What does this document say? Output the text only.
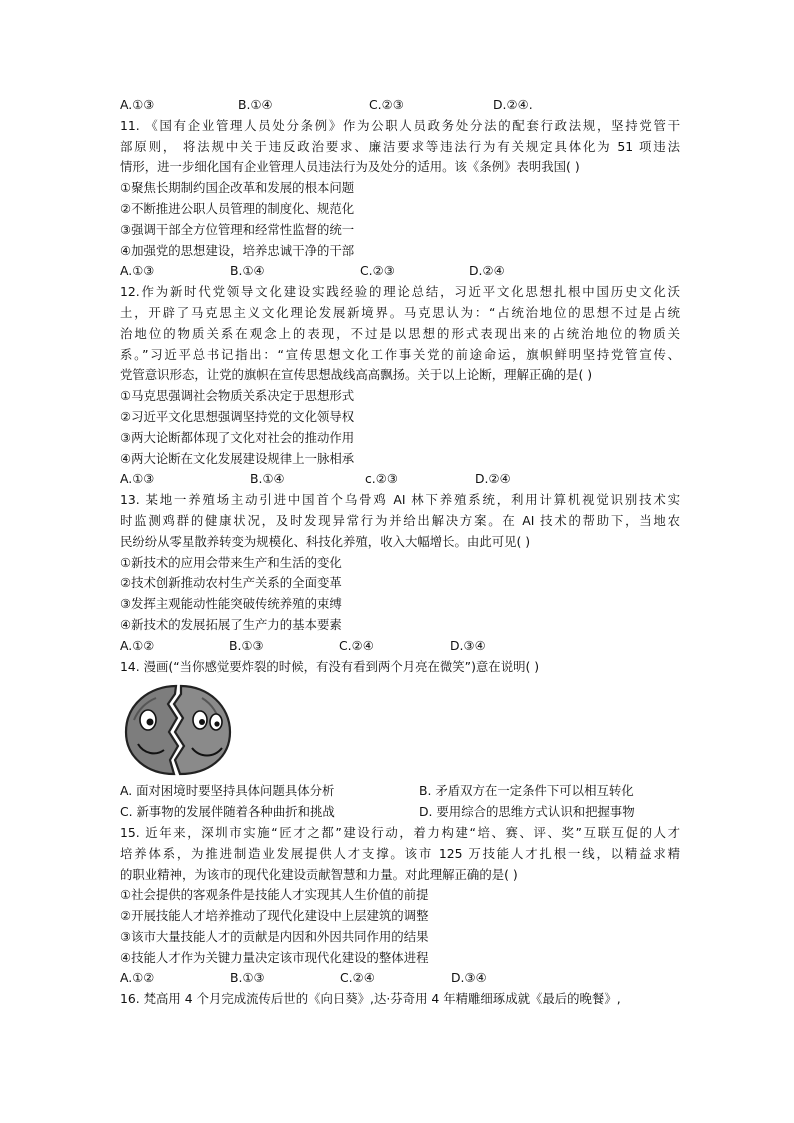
A.①③	B.①④	C.②③	D.②④.
11. 《国有企业管理人员处分条例》作为公职人员政务处分法的配套行政法规，坚持党管干
部原则， 将法规中关于违反政治要求、廉洁要求等违法行为有关规定具体化为 51 项违法
情形，进一步细化国有企业管理人员违法行为及处分的适用。该《条例》表明我国( )
①聚焦长期制约国企改革和发展的根本问题
②不断推进公职人员管理的制度化、规范化
③强调干部全方位管理和经常性监督的统一
④加强党的思想建设，培养忠诚干净的干部
A.①③	B.①④	C.②③	D.②④
12.作为新时代党领导文化建设实践经验的理论总结，习近平文化思想扎根中国历史文化沃
土，开辟了马克思主义文化理论发展新境界。马克思认为：“占统治地位的思想不过是占统
治地位的物质关系在观念上的表现，不过是以思想的形式表现出来的占统治地位的物质关
系。”习近平总书记指出：“宣传思想文化工作事关党的前途命运，旗帜鲜明坚持党管宣传、
党管意识形态，让党的旗帜在宣传思想战线高高飘扬。关于以上论断，理解正确的是( )
①马克思强调社会物质关系决定于思想形式
②习近平文化思想强调坚持党的文化领导权
③两大论断都体现了文化对社会的推动作用
④两大论断在文化发展建设规律上一脉相承
A.①③	B.①④	c.②③	D.②④
13. 某地一养殖场主动引进中国首个乌骨鸡 AI 林下养殖系统，利用计算机视觉识别技术实
时监测鸡群的健康状况，及时发现异常行为并给出解决方案。在 AI 技术的帮助下，当地农
民纷纷从零星散养转变为规模化、科技化养殖，收入大幅增长。由此可见( )
①新技术的应用会带来生产和生活的变化
②技术创新推动农村生产关系的全面变革
③发挥主观能动性能突破传统养殖的束缚
④新技术的发展拓展了生产力的基本要素
A.①②	B.①③	C.②④	D.③④
14. 漫画(“当你感觉要炸裂的时候，有没有看到两个月亮在微笑”)意在说明( )
A. 面对困境时要坚持具体问题具体分析	B. 矛盾双方在一定条件下可以相互转化
C. 新事物的发展伴随着各种曲折和挑战	D. 要用综合的思维方式认识和把握事物
15. 近年来，深圳市实施“匠才之都”建设行动，着力构建“培、赛、评、奖”互联互促的人才
培养体系，为推进制造业发展提供人才支撑。该市 125 万技能人才扎根一线，以精益求精
的职业精神，为该市的现代化建设贡献智慧和力量。对此理解正确的是( )
①社会提供的客观条件是技能人才实现其人生价值的前提
②开展技能人才培养推动了现代化建设中上层建筑的调整
③该市大量技能人才的贡献是内因和外因共同作用的结果
④技能人才作为关键力量决定该市现代化建设的整体进程
A.①②	B.①③	C.②④	D.③④
16. 梵高用 4 个月完成流传后世的《向日葵》,达·芬奇用 4 年精雕细琢成就《最后的晚餐》,
